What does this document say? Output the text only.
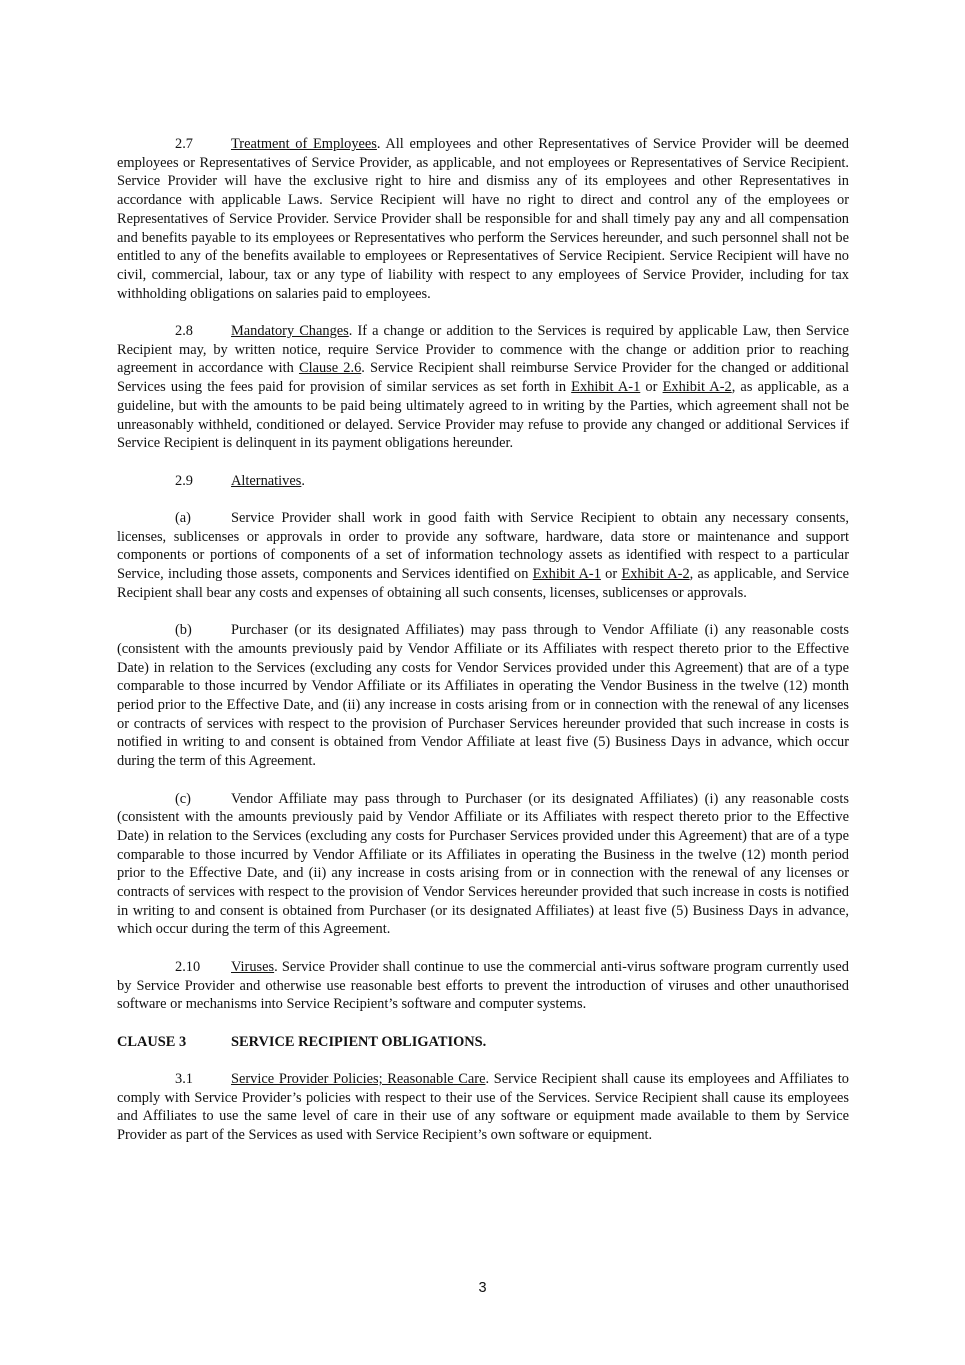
2.7	Treatment of Employees. All employees and other Representatives of Service Provider will be deemed employees or Representatives of Service Provider, as applicable, and not employees or Representatives of Service Recipient. Service Provider will have the exclusive right to hire and dismiss any of its employees and other Representatives in accordance with applicable Laws. Service Recipient will have no right to direct and control any of the employees or Representatives of Service Provider. Service Provider shall be responsible for and shall timely pay any and all compensation and benefits payable to its employees or Representatives who perform the Services hereunder, and such personnel shall not be entitled to any of the benefits available to employees or Representatives of Service Recipient. Service Recipient will have no civil, commercial, labour, tax or any type of liability with respect to any employees of Service Provider, including for tax withholding obligations on salaries paid to employees.

2.8	Mandatory Changes. If a change or addition to the Services is required by applicable Law, then Service Recipient may, by written notice, require Service Provider to commence with the change or addition prior to reaching agreement in accordance with Clause 2.6. Service Recipient shall reimburse Service Provider for the changed or additional Services using the fees paid for provision of similar services as set forth in Exhibit A-1 or Exhibit A-2, as applicable, as a guideline, but with the amounts to be paid being ultimately agreed to in writing by the Parties, which agreement shall not be unreasonably withheld, conditioned or delayed. Service Provider may refuse to provide any changed or additional Services if Service Recipient is delinquent in its payment obligations hereunder.

2.9	Alternatives.

(a)	Service Provider shall work in good faith with Service Recipient to obtain any necessary consents, licenses, sublicenses or approvals in order to provide any software, hardware, data store or maintenance and support components or portions of components of a set of information technology assets as identified with respect to a particular Service, including those assets, components and Services identified on Exhibit A-1 or Exhibit A-2, as applicable, and Service Recipient shall bear any costs and expenses of obtaining all such consents, licenses, sublicenses or approvals.

(b)	Purchaser (or its designated Affiliates) may pass through to Vendor Affiliate (i) any reasonable costs (consistent with the amounts previously paid by Vendor Affiliate or its Affiliates with respect thereto prior to the Effective Date) in relation to the Services (excluding any costs for Vendor Services provided under this Agreement) that are of a type comparable to those incurred by Vendor Affiliate or its Affiliates in operating the Vendor Business in the twelve (12) month period prior to the Effective Date, and (ii) any increase in costs arising from or in connection with the renewal of any licenses or contracts of services with respect to the provision of Purchaser Services hereunder provided that such increase in costs is notified in writing to and consent is obtained from Vendor Affiliate at least five (5) Business Days in advance, which occur during the term of this Agreement.

(c)	Vendor Affiliate may pass through to Purchaser (or its designated Affiliates) (i) any reasonable costs (consistent with the amounts previously paid by Vendor Affiliate or its Affiliates with respect thereto prior to the Effective Date) in relation to the Services (excluding any costs for Purchaser Services provided under this Agreement) that are of a type comparable to those incurred by Vendor Affiliate or its Affiliates in operating the Business in the twelve (12) month period prior to the Effective Date, and (ii) any increase in costs arising from or in connection with the renewal of any licenses or contracts of services with respect to the provision of Vendor Services hereunder provided that such increase in costs is notified in writing to and consent is obtained from Purchaser (or its designated Affiliates) at least five (5) Business Days in advance, which occur during the term of this Agreement.

2.10 Viruses. Service Provider shall continue to use the commercial anti-virus software program currently used by Service Provider and otherwise use reasonable best efforts to prevent the introduction of viruses and other unauthorised software or mechanisms into Service Recipient’s software and computer systems.

CLAUSE 3	SERVICE RECIPIENT OBLIGATIONS.

3.1	Service Provider Policies; Reasonable Care. Service Recipient shall cause its employees and Affiliates to comply with Service Provider’s policies with respect to their use of the Services. Service Recipient shall cause its employees and Affiliates to use the same level of care in their use of any software or equipment made available to them by Service Provider as part of the Services as used with Service Recipient’s own software or equipment.

3
